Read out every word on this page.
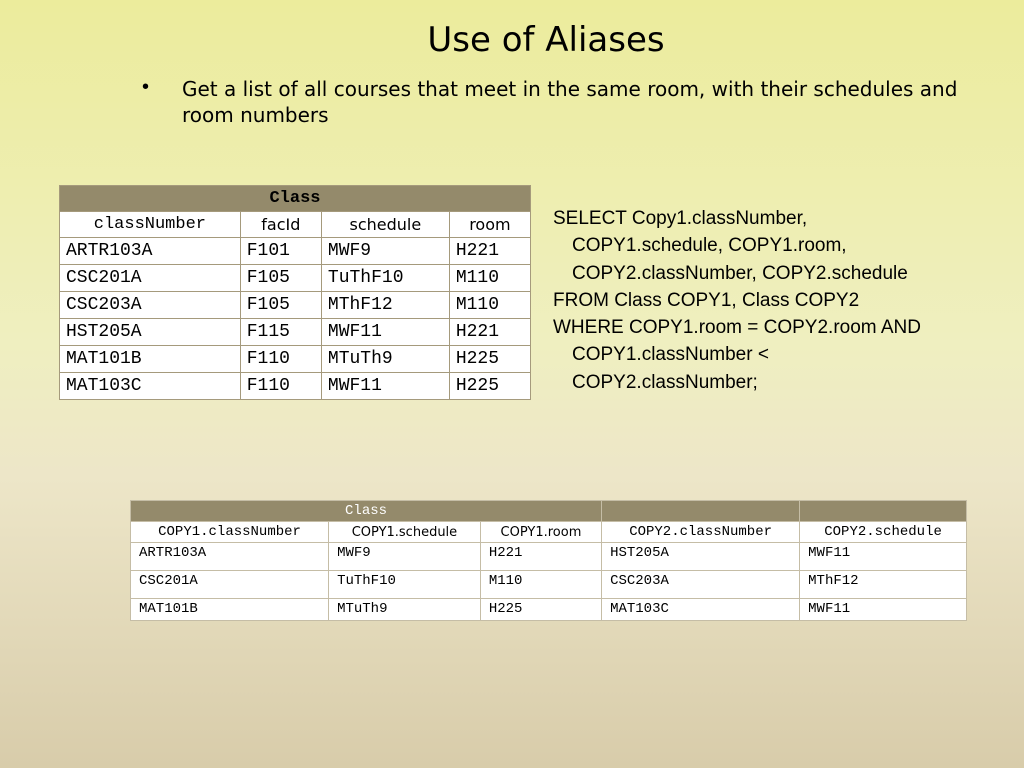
Use of Aliases
• Get a list of all courses that meet in the same room, with their schedules and room numbers
Class			
classNumber	facId	schedule	room
ARTR103A	F101	MWF9	H221
CSC201A	F105	TuThF10	M110
CSC203A	F105	MThF12	M110
HST205A	F115	MWF11	H221
MAT101B	F110	MTuTh9	H225
MAT103C	F110	MWF11	H225
SELECT Copy1.classNumber,
COPY1.schedule, COPY1.room,
COPY2.classNumber, COPY2.schedule
FROM Class COPY1, Class COPY2
WHERE COPY1.room = COPY2.room AND
COPY1.classNumber <
COPY2.classNumber;
Class				
COPY1.classNumber	COPY1.schedule	COPY1.room	COPY2.classNumber	COPY2.schedule
ARTR103A	MWF9	H221	HST205A	MWF11
CSC201A	TuThF10	M110	CSC203A	MThF12
MAT101B	MTuTh9	H225	MAT103C	MWF11
